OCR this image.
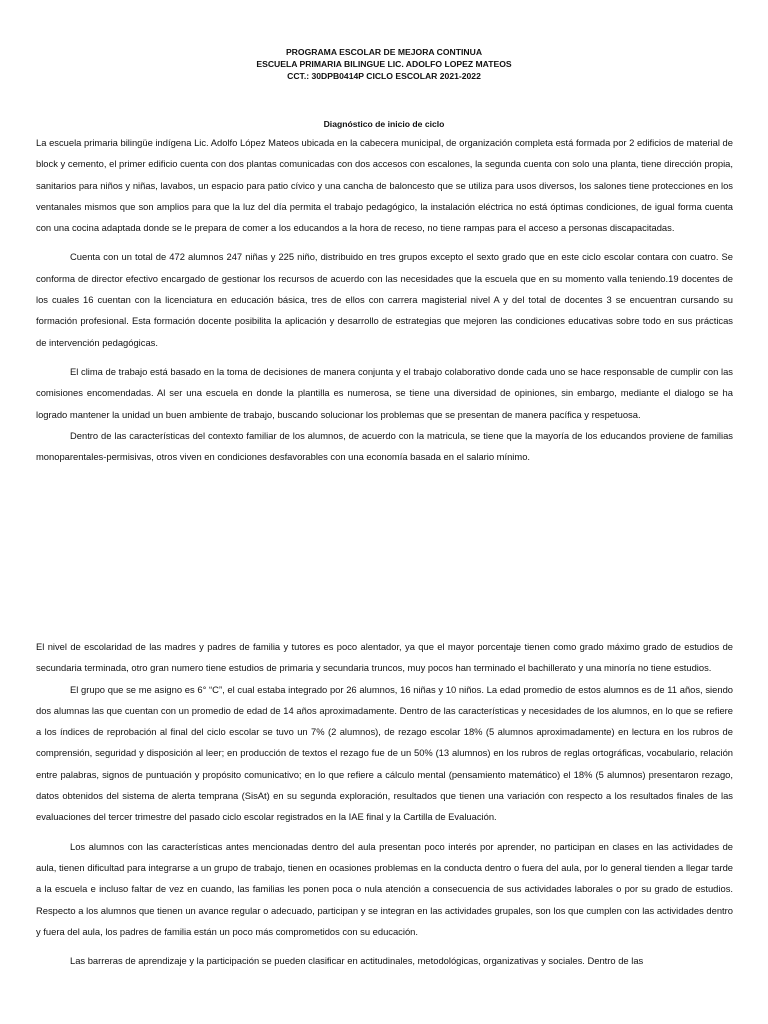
PROGRAMA ESCOLAR DE MEJORA CONTINUA
ESCUELA PRIMARIA BILINGUE LIC. ADOLFO LOPEZ MATEOS
CCT.: 30DPB0414P CICLO ESCOLAR 2021-2022
Diagnóstico de inicio de ciclo

La escuela primaria bilingüe indígena Lic. Adolfo López Mateos ubicada en la cabecera municipal, de organización completa está formada por 2 edificios de material de block y cemento, el primer edificio cuenta con dos plantas comunicadas con dos accesos con escalones, la segunda cuenta con solo una planta, tiene dirección propia, sanitarios para niños y niñas, lavabos, un espacio para patio cívico y una cancha de baloncesto que se utiliza para usos diversos, los salones tiene protecciones en los ventanales mismos que son amplios para que la luz del día permita el trabajo pedagógico, la instalación eléctrica no está óptimas condiciones, de igual forma cuenta con una cocina adaptada donde se le prepara de comer a los educandos a la hora de receso, no tiene rampas para el acceso a personas discapacitadas.

Cuenta con un total de 472 alumnos 247 niñas y 225 niño, distribuido en tres grupos excepto el sexto grado que en este ciclo escolar contara con cuatro. Se conforma de director efectivo encargado de gestionar los recursos de acuerdo con las necesidades que la escuela que en su momento valla teniendo.19 docentes de los cuales 16 cuentan con la licenciatura en educación básica, tres de ellos con carrera magisterial nivel A y del total de docentes 3 se encuentran cursando su formación profesional. Esta formación docente posibilita la aplicación y desarrollo de estrategias que mejoren las condiciones educativas sobre todo en sus prácticas de intervención pedagógicas.

El clima de trabajo está basado en la toma de decisiones de manera conjunta y el trabajo colaborativo donde cada uno se hace responsable de cumplir con las comisiones encomendadas. Al ser una escuela en donde la plantilla es numerosa, se tiene una diversidad de opiniones, sin embargo, mediante el dialogo se ha logrado mantener la unidad un buen ambiente de trabajo, buscando solucionar los problemas que se presentan de manera pacífica y respetuosa.

Dentro de las características del contexto familiar de los alumnos, de acuerdo con la matricula, se tiene que la mayoría de los educandos proviene de familias monoparentales-permisivas, otros viven en condiciones desfavorables con una economía basada en el salario mínimo.

El nivel de escolaridad de las madres y padres de familia y tutores es poco alentador, ya que el mayor porcentaje tienen como grado máximo grado de estudios de secundaria terminada, otro gran numero tiene estudios de primaria y secundaria truncos, muy pocos han terminado el bachillerato y una minoría no tiene estudios.

El grupo que se me asigno es 6° “C”, el cual estaba integrado por 26 alumnos, 16 niñas y 10 niños. La edad promedio de estos alumnos es de 11 años, siendo dos alumnas las que cuentan con un promedio de edad de 14 años aproximadamente. Dentro de las características y necesidades de los alumnos, en lo que se refiere a los índices de reprobación al final del ciclo escolar se tuvo un 7% (2 alumnos), de rezago escolar 18% (5 alumnos aproximadamente) en lectura en los rubros de comprensión, seguridad y disposición al leer; en producción de textos el rezago fue de un 50% (13 alumnos) en los rubros de reglas ortográficas, vocabulario, relación entre palabras, signos de puntuación y propósito comunicativo; en lo que refiere a cálculo mental (pensamiento matemático) el 18% (5 alumnos) presentaron rezago, datos obtenidos del sistema de alerta temprana (SisAt) en su segunda exploración, resultados que tienen una variación con respecto a los resultados finales de las evaluaciones del tercer trimestre del pasado ciclo escolar registrados en la IAE final y la Cartilla de Evaluación.

Los alumnos con las características antes mencionadas dentro del aula presentan poco interés por aprender, no participan en clases en las actividades de aula, tienen dificultad para integrarse a un grupo de trabajo, tienen en ocasiones problemas en la conducta dentro o fuera del aula, por lo general tienden a llegar tarde a la escuela e incluso faltar de vez en cuando, las familias les ponen poca o nula atención a consecuencia de sus actividades laborales o por su grado de estudios. Respecto a los alumnos que tienen un avance regular o adecuado, participan y se integran en las actividades grupales, son los que cumplen con las actividades dentro y fuera del aula, los padres de familia están un poco más comprometidos con su educación.

Las barreras de aprendizaje y la participación se pueden clasificar en actitudinales, metodológicas, organizativas y sociales. Dentro de las
